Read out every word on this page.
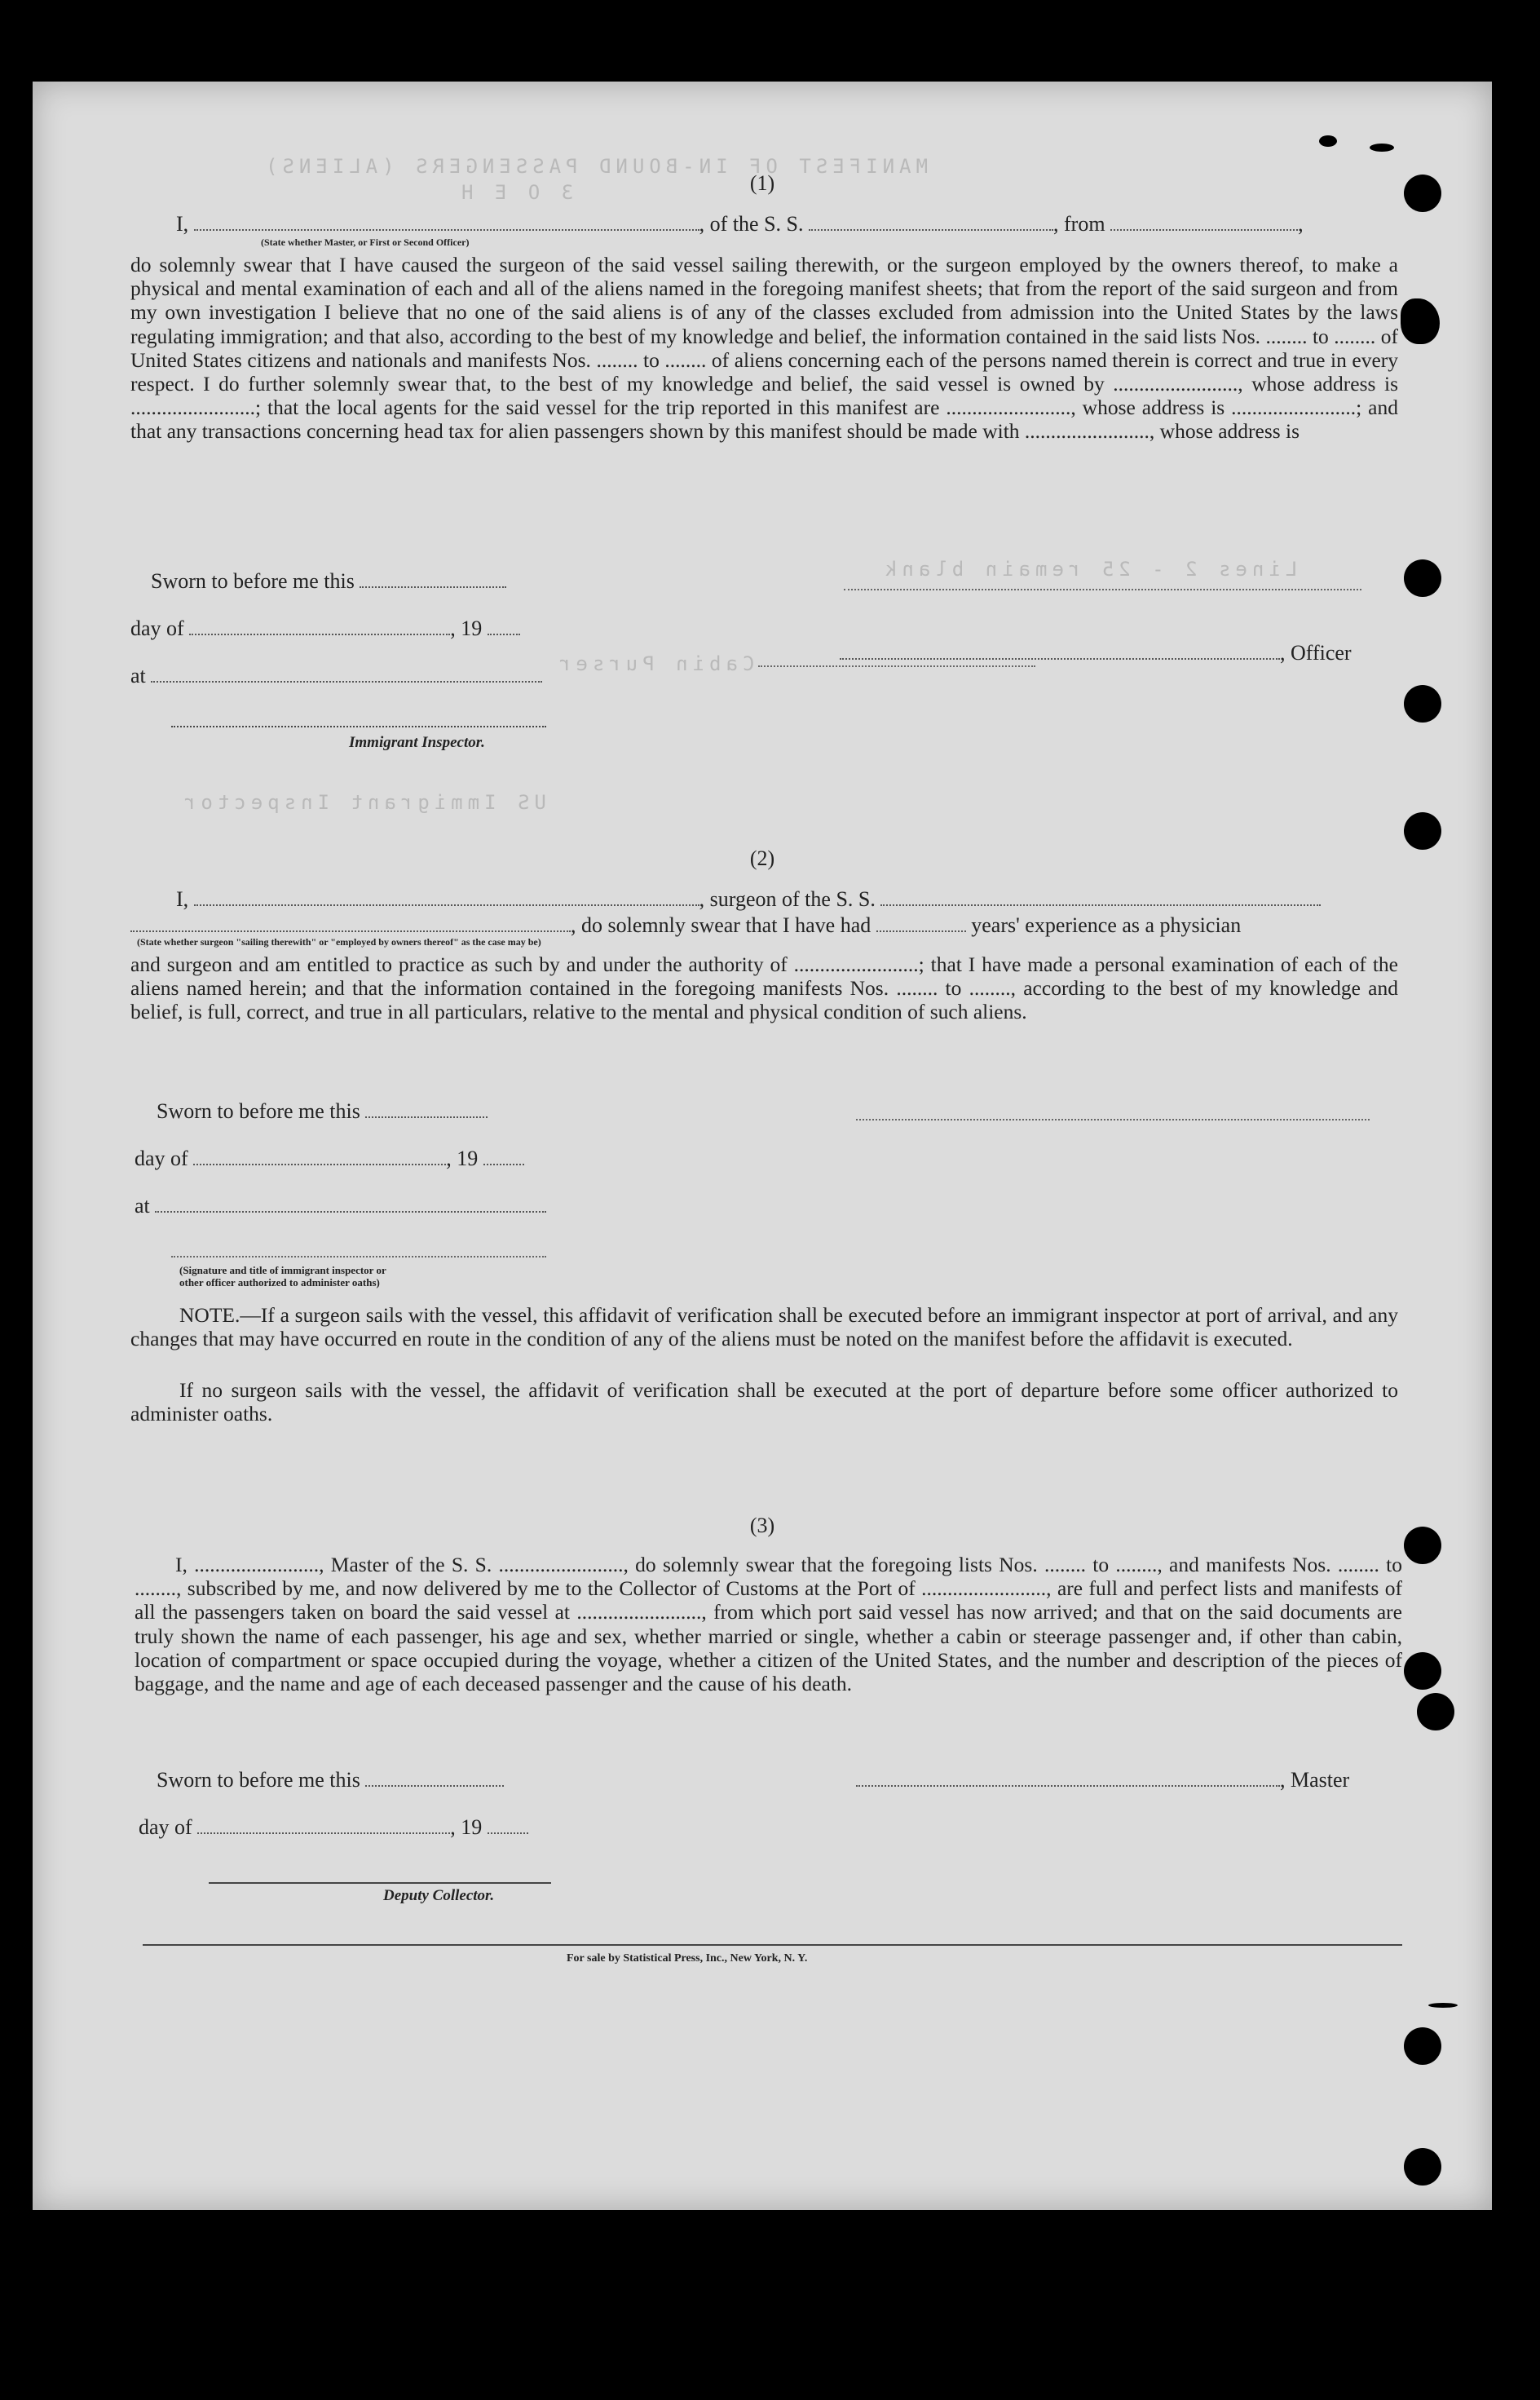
MANIFEST OF IN-BOUND PASSENGERS (ALIENS)
3 O E H
Cabin Purser
Lines 2 - 25 remain blank
US Immigrant Inspector
(1)
I,	, of the S. S.	, from	,
(State whether Master, or First or Second Officer)

do solemnly swear that I have caused the surgeon of the said vessel sailing therewith, or the surgeon employed by the owners thereof, to make a physical and mental examination of each and all of the aliens named in the foregoing manifest sheets; that from the report of the said surgeon and from my own investigation I believe that no one of the said aliens is of any of the classes excluded from admission into the United States by the laws regulating immigration; and that also, according to the best of my knowledge and belief, the information contained in the said lists Nos. ........ to ........ of United States citizens and nationals and manifests Nos. ........ to ........ of aliens concerning each of the persons named therein is correct and true in every respect. I do further solemnly swear that, to the best of my knowledge and belief, the said vessel is owned by ........................, whose address is ........................; that the local agents for the said vessel for the trip reported in this manifest are ........................, whose address is ........................; and that any transactions concerning head tax for alien passengers shown by this manifest should be made with ........................, whose address is

Sworn to before me this
day of	, 19
at
, Officer
Immigrant Inspector.
(2)
I,	, surgeon of the S. S.
, do solemnly swear that I have had	years' experience as a physician
(State whether surgeon "sailing therewith" or "employed by owners thereof" as the case may be)

and surgeon and am entitled to practice as such by and under the authority of ........................; that I have made a personal examination of each of the aliens named herein; and that the information contained in the foregoing manifests Nos. ........ to ........, according to the best of my knowledge and belief, is full, correct, and true in all particulars, relative to the mental and physical condition of such aliens.

Sworn to before me this
day of	, 19
at
(Signature and title of immigrant inspector or
other officer authorized to administer oaths)

NOTE.—If a surgeon sails with the vessel, this affidavit of verification shall be executed before an immigrant inspector at port of arrival, and any changes that may have occurred en route in the condition of any of the aliens must be noted on the manifest before the affidavit is executed.

If no surgeon sails with the vessel, the affidavit of verification shall be executed at the port of departure before some officer authorized to administer oaths.

(3)

I, ........................, Master of the S. S. ........................, do solemnly swear that the foregoing lists Nos. ........ to ........, and manifests Nos. ........ to ........, subscribed by me, and now delivered by me to the Collector of Customs at the Port of ........................, are full and perfect lists and manifests of all the passengers taken on board the said vessel at ........................, from which port said vessel has now arrived; and that on the said documents are truly shown the name of each passenger, his age and sex, whether married or single, whether a cabin or steerage passenger and, if other than cabin, location of compartment or space occupied during the voyage, whether a citizen of the United States, and the number and description of the pieces of baggage, and the name and age of each deceased passenger and the cause of his death.

Sworn to before me this	, Master
day of	, 19
Deputy Collector.
For sale by Statistical Press, Inc., New York, N. Y.
